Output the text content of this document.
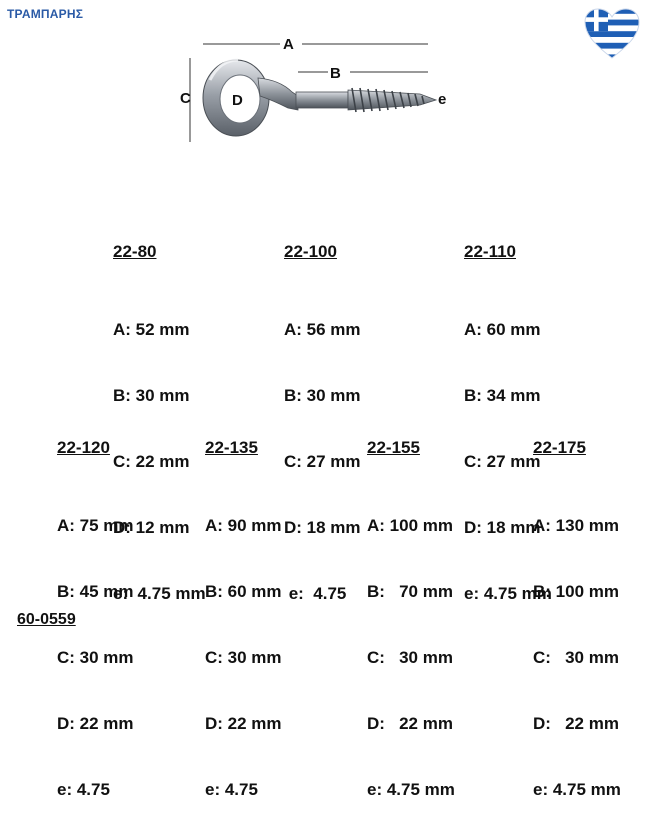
ΤΡΑΜΠΑΡΗΣ
A
B
C	D	e

22-80

A: 52 mm

B: 30 mm

C: 22 mm

D: 12 mm

e:  4.75 mm

22-100

A: 56 mm

B: 30 mm

C: 27 mm

D: 18 mm

e:  4.75

22-110

A: 60 mm

B: 34 mm

C: 27 mm

D: 18 mm

e: 4.75 mm

22-120

A: 75 mm

B: 45 mm

C: 30 mm

D: 22 mm

e: 4.75

22-135

A: 90 mm

B: 60 mm

C: 30 mm

D: 22 mm

e: 4.75

22-155

A: 100 mm

B:   70 mm

C:   30 mm

D:   22 mm

e: 4.75 mm

22-175

A: 130 mm

B: 100 mm

C:   30 mm

D:   22 mm

e: 4.75 mm

60-0559
